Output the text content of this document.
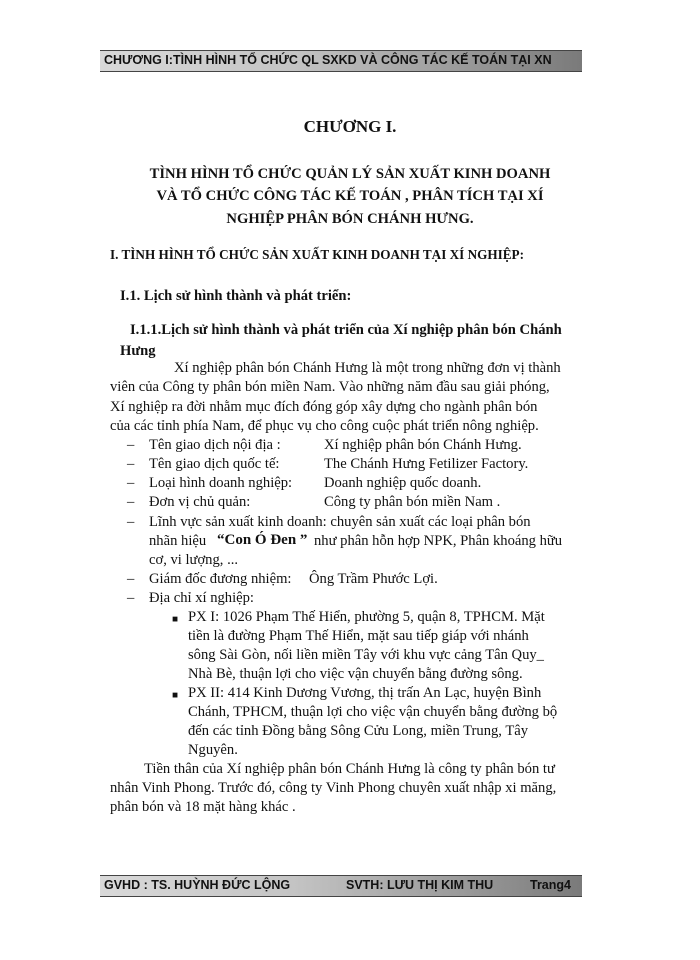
CHƯƠNG I:TÌNH HÌNH TỔ CHỨC QL SXKD VÀ CÔNG TÁC KẾ TOÁN TẠI XN
CHƯƠNG I.
TÌNH HÌNH TỔ CHỨC QUẢN LÝ SẢN XUẤT KINH DOANH
VÀ TỔ CHỨC CÔNG TÁC KẾ TOÁN , PHÂN TÍCH TẠI XÍ
NGHIỆP PHÂN BÓN CHÁNH HƯNG.
I. TÌNH HÌNH TỔ CHỨC SẢN XUẤT KINH DOANH TẠI XÍ NGHIỆP:
I.1. Lịch sử hình thành và phát triển:
I.1.1.Lịch sử hình thành và phát triển của Xí nghiệp phân bón Chánh
Hưng
Xí nghiệp phân bón Chánh Hưng là một trong những đơn vị thành
viên của Công ty phân bón miền Nam. Vào những năm đầu sau giải phóng,
Xí nghiệp ra đời nhằm mục đích đóng góp xây dựng cho ngành phân bón
của các tỉnh phía Nam, để phục vụ cho công cuộc phát triển nông nghiệp.
– Tên giao dịch nội địa :	Xí nghiệp phân bón Chánh Hưng.
– Tên giao dịch quốc tế:	The Chánh Hưng Fetilizer Factory.
– Loại hình doanh nghiệp: Doanh nghiệp quốc doanh.
– Đơn vị chủ quản:	Công ty phân bón miền Nam .
– Lĩnh vực sản xuất kinh doanh: chuyên sản xuất các loại phân bón
nhãn hiệu “Con Ó Đen ” như phân hỗn hợp NPK, Phân khoáng hữu
cơ, vi lượng, ...
– Giám đốc đương nhiệm: Ông Trầm Phước Lợi.
– Địa chỉ xí nghiệp:
■ PX I: 1026 Phạm Thế Hiển, phường 5, quận 8, TPHCM. Mặt
tiền là đường Phạm Thế Hiển, mặt sau tiếp giáp với nhánh
sông Sài Gòn, nối liền miền Tây với khu vực cảng Tân Quy_
Nhà Bè, thuận lợi cho việc vận chuyển bằng đường sông.
■ PX II: 414 Kinh Dương Vương, thị trấn An Lạc, huyện Bình
Chánh, TPHCM, thuận lợi cho việc vận chuyển bằng đường bộ
đến các tỉnh Đồng bằng Sông Cửu Long, miền Trung, Tây
Nguyên.
Tiền thân của Xí nghiệp phân bón Chánh Hưng là công ty phân bón tư
nhân Vinh Phong. Trước đó, công ty Vinh Phong chuyên xuất nhập xi măng,
phân bón và 18 mặt hàng khác .
GVHD : TS. HUỲNH ĐỨC LỘNG	SVTH: LƯU THỊ KIM THU	Trang4
